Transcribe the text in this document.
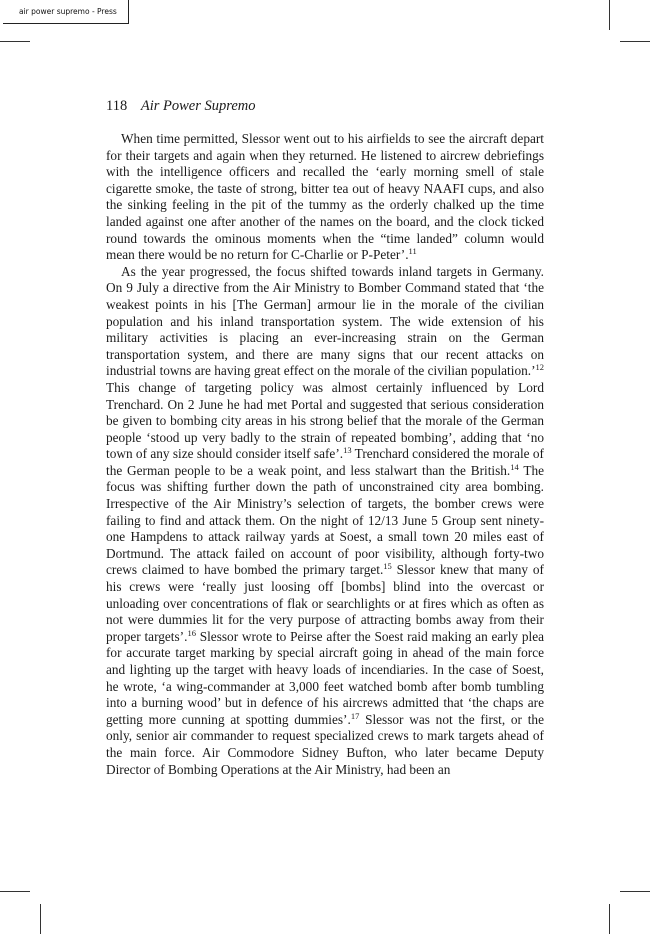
air power supremo - Press
118 Air Power Supremo

When time permitted, Slessor went out to his airfields to see the aircraft depart for their targets and again when they returned. He listened to aircrew debriefings with the intelligence officers and recalled the ‘early morning smell of stale cigarette smoke, the taste of strong, bitter tea out of heavy NAAFI cups, and also the sinking feeling in the pit of the tummy as the orderly chalked up the time landed against one after another of the names on the board, and the clock ticked round towards the ominous moments when the “time landed” column would mean there would be no return for C-Charlie or P-Peter’.$^{11}$

As the year progressed, the focus shifted towards inland targets in Germany. On 9 July a directive from the Air Ministry to Bomber Command stated that ‘the weakest points in his [The German] armour lie in the morale of the civilian population and his inland transportation system. The wide extension of his military activities is placing an ever-increasing strain on the German transportation system, and there are many signs that our recent attacks on industrial towns are having great effect on the morale of the civilian population.’$^{12}$ This change of targeting policy was almost certainly influenced by Lord Trenchard. On 2 June he had met Portal and suggested that serious consideration be given to bombing city areas in his strong belief that the morale of the German people ‘stood up very badly to the strain of repeated bombing’, adding that ‘no town of any size should consider itself safe’.$^{13}$ Trenchard considered the morale of the German people to be a weak point, and less stalwart than the British.$^{14}$ The focus was shifting further down the path of unconstrained city area bombing. Irrespective of the Air Ministry’s selection of targets, the bomber crews were failing to find and attack them. On the night of 12/13 June 5 Group sent ninety-one Hampdens to attack railway yards at Soest, a small town 20 miles east of Dortmund. The attack failed on account of poor visibility, although forty-two crews claimed to have bombed the primary target.$^{15}$ Slessor knew that many of his crews were ‘really just loosing off [bombs] blind into the overcast or unloading over concentrations of flak or searchlights or at fires which as often as not were dummies lit for the very purpose of attracting bombs away from their proper targets’.$^{16}$ Slessor wrote to Peirse after the Soest raid making an early plea for accurate target marking by special aircraft going in ahead of the main force and lighting up the target with heavy loads of incendiaries. In the case of Soest, he wrote, ‘a wing-commander at 3,000 feet watched bomb after bomb tumbling into a burning wood’ but in defence of his aircrews admitted that ‘the chaps are getting more cunning at spotting dummies’.$^{17}$ Slessor was not the first, or the only, senior air commander to request specialized crews to mark targets ahead of the main force. Air Commodore Sidney Bufton, who later became Deputy Director of Bombing Operations at the Air Ministry, had been an
